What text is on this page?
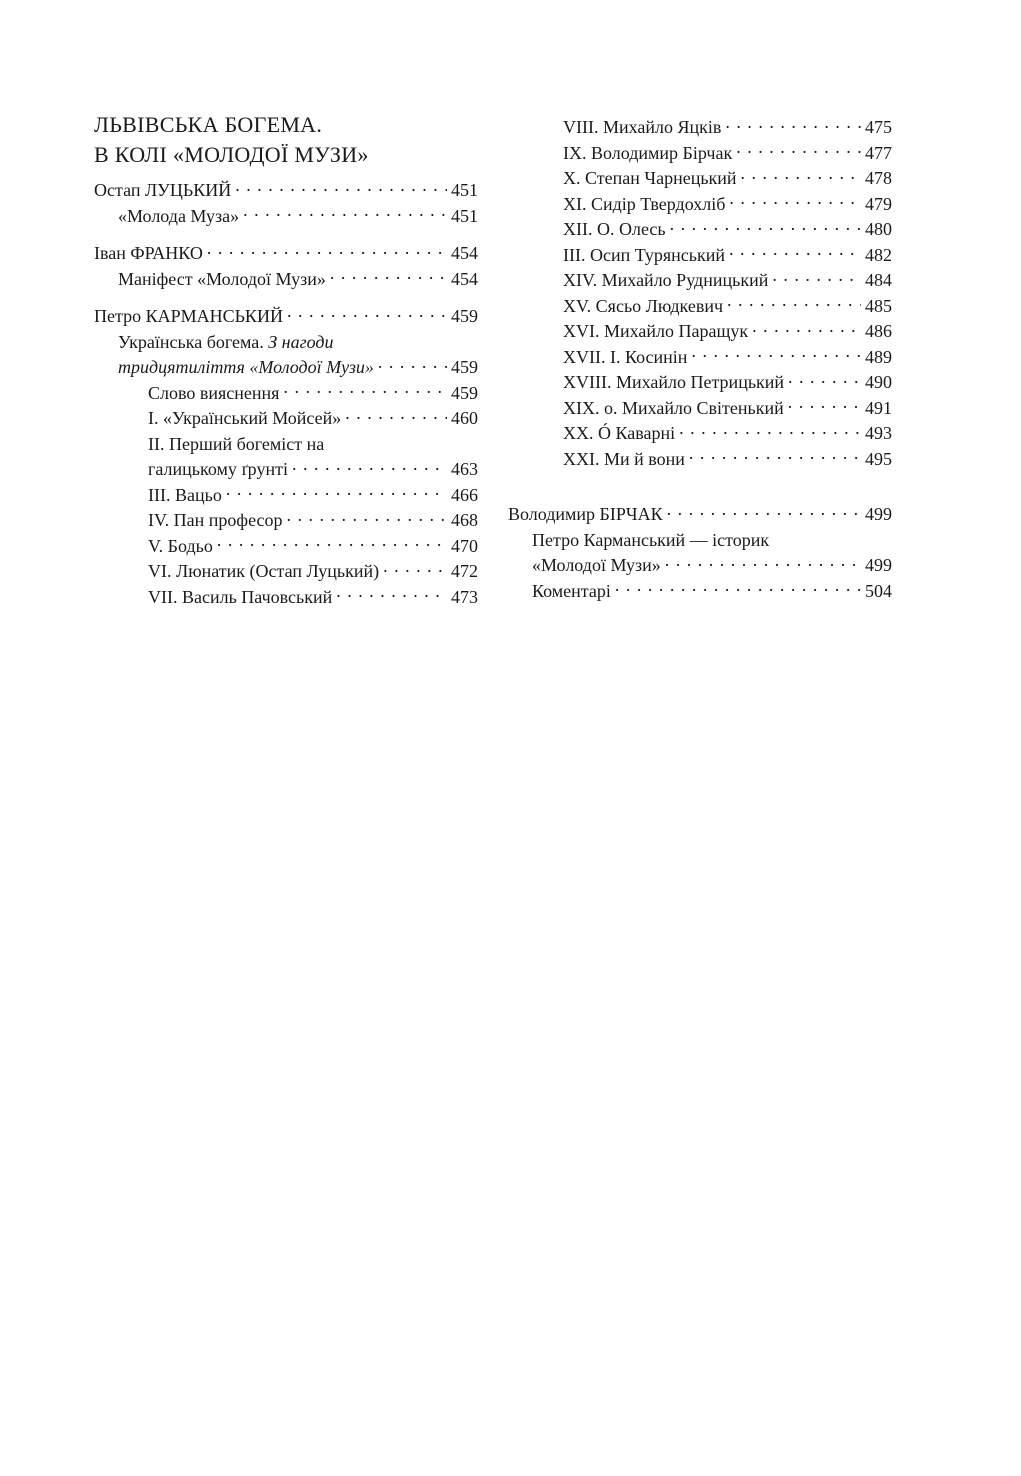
ЛЬВІВСЬКА БОГЕМА.
В КОЛІ «МОЛОДОЇ МУЗИ»
Остап ЛУЦЬКИЙ . . .	451
«Молода Муза» . . .	451
Іван ФРАНКО . . .	454
Маніфест «Молодої Музи» . . .	454
Петро КАРМАНСЬКИЙ . . .	459
Українська богема. З нагоди
тридцятиліття «Молодої Музи» . . .	459
Слово вияснення . . .	459
І. «Український Мойсей» . . .	460
ІІ. Перший богеміст на
галицькому ґрунті . . .	463
ІІІ. Вацьо . . .	466
IV. Пан професор . . .	468
V. Бодьо . . .	470
VI. Люнатик (Остап Луцький) . . .	472
VII. Василь Пачовський . . .	473
VIII. Михайло Яцків . . .	475
IX. Володимир Бірчак . . .	477
X. Степан Чарнецький . . .	478
XI. Сидір Твердохліб . . .	479
XII. О. Олесь . . .	480
ІІІ. Осип Турянський . . .	482
XIV. Михайло Рудницький . . .	484
XV. Сясьо Людкевич . . .	485
XVI. Михайло Паращук . . .	486
XVII. І. Косинін . . .	489
XVIII. Михайло Петрицький . . .	490
XIX. о. Михайло Світенький . . .	491
XX. Ó Каварні . . .	493
XXI. Ми й вони . . .	495
Володимир БІРЧАК . . .	499
Петро Карманський — історик
«Молодої Музи» . . .	499
Коментарі . . .	504
